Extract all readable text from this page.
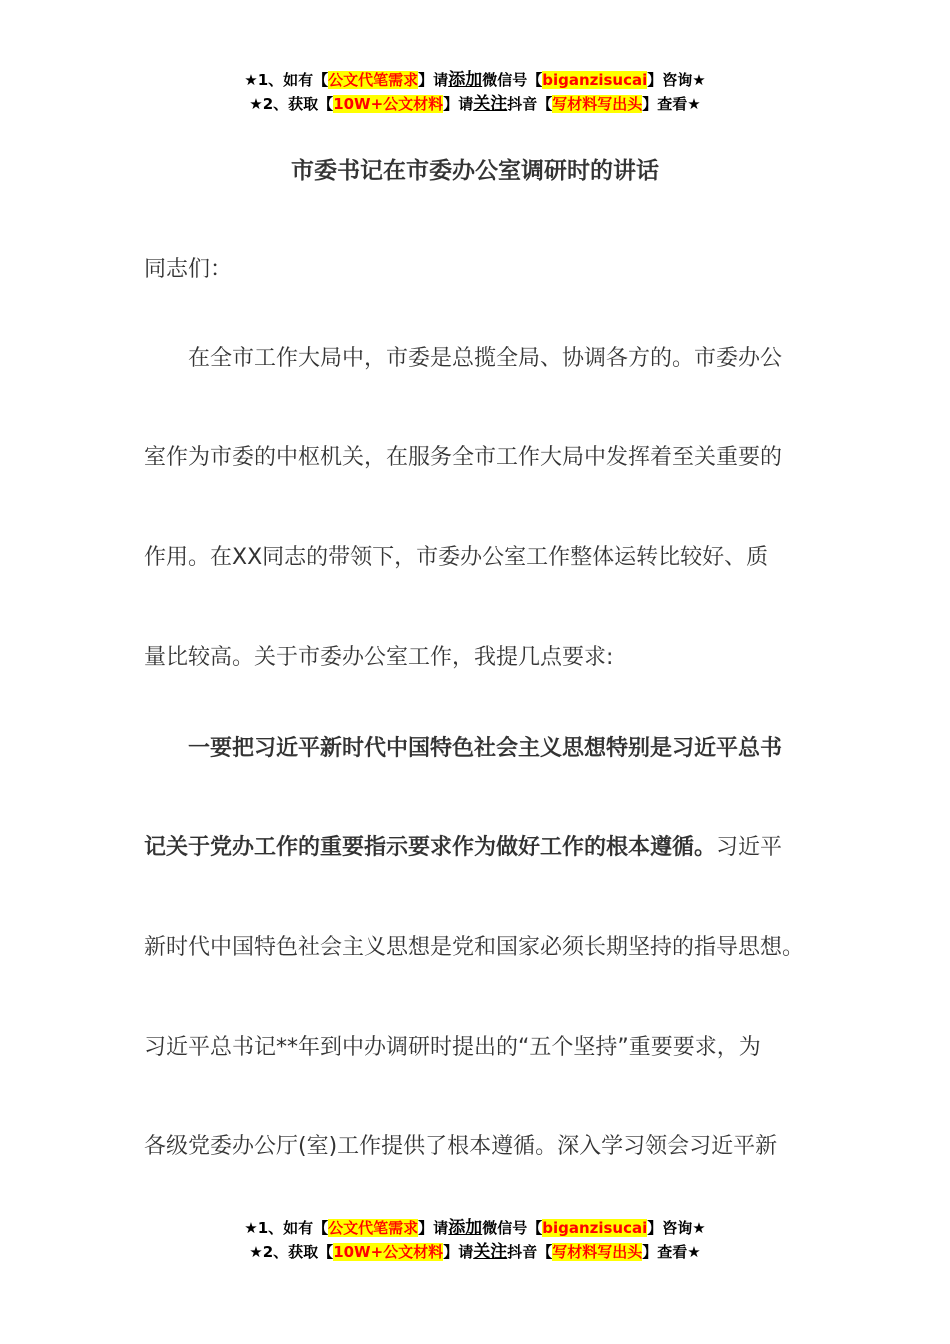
★1、如有【公文代笔需求】请添加微信号【biganzisucai】咨询★
★2、获取【10W+公文材料】请关注抖音【写材料写出头】查看★
市委书记在市委办公室调研时的讲话
同志们：
　　在全市工作大局中，市委是总揽全局、协调各方的。市委办公
室作为市委的中枢机关，在服务全市工作大局中发挥着至关重要的
作用。在XX同志的带领下，市委办公室工作整体运转比较好、质
量比较高。关于市委办公室工作，我提几点要求:
　　一要把习近平新时代中国特色社会主义思想特别是习近平总书
记关于党办工作的重要指示要求作为做好工作的根本遵循。习近平
新时代中国特色社会主义思想是党和国家必须长期坚持的指导思想。
习近平总书记**年到中办调研时提出的“五个坚持”重要要求，为
各级党委办公厅(室)工作提供了根本遵循。深入学习领会习近平新
★1、如有【公文代笔需求】请添加微信号【biganzisucai】咨询★
★2、获取【10W+公文材料】请关注抖音【写材料写出头】查看★
